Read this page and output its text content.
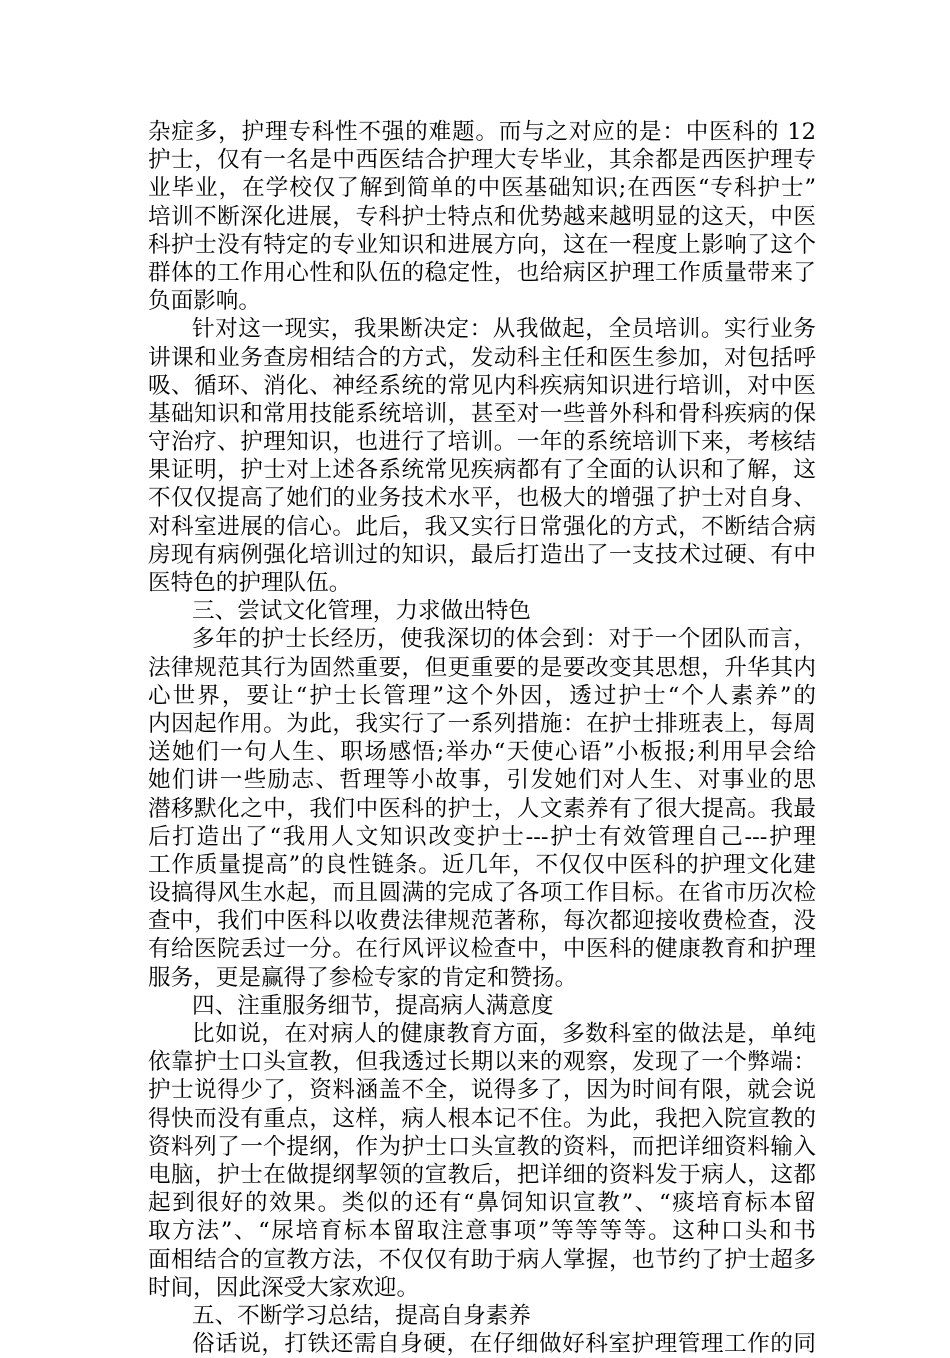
杂症多，护理专科性不强的难题。而与之对应的是：中医科的 12
护士，仅有一名是中西医结合护理大专毕业，其余都是西医护理专
业毕业，在学校仅了解到简单的中医基础知识;在西医“专科护士”
培训不断深化进展，专科护士特点和优势越来越明显的这天，中医
科护士没有特定的专业知识和进展方向，这在一程度上影响了这个
群体的工作用心性和队伍的稳定性，也给病区护理工作质量带来了
负面影响。
针对这一现实，我果断决定：从我做起，全员培训。实行业务
讲课和业务查房相结合的方式，发动科主任和医生参加，对包括呼
吸、循环、消化、神经系统的常见内科疾病知识进行培训，对中医
基础知识和常用技能系统培训，甚至对一些普外科和骨科疾病的保
守治疗、护理知识，也进行了培训。一年的系统培训下来，考核结
果证明，护士对上述各系统常见疾病都有了全面的认识和了解，这
不仅仅提高了她们的业务技术水平，也极大的增强了护士对自身、
对科室进展的信心。此后，我又实行日常强化的方式，不断结合病
房现有病例强化培训过的知识，最后打造出了一支技术过硬、有中
医特色的护理队伍。
三、尝试文化管理，力求做出特色
多年的护士长经历，使我深切的体会到：对于一个团队而言，
法律规范其行为固然重要，但更重要的是要改变其思想，升华其内
心世界，要让“护士长管理”这个外因，透过护士“个人素养”的
内因起作用。为此，我实行了一系列措施：在护士排班表上，每周
送她们一句人生、职场感悟;举办“天使心语”小板报;利用早会给
她们讲一些励志、哲理等小故事，引发她们对人生、对事业的思
潜移默化之中，我们中医科的护士，人文素养有了很大提高。我最
后打造出了“我用人文知识改变护士---护士有效管理自己---护理
工作质量提高”的良性链条。近几年，不仅仅中医科的护理文化建
设搞得风生水起，而且圆满的完成了各项工作目标。在省市历次检
查中，我们中医科以收费法律规范著称，每次都迎接收费检查，没
有给医院丢过一分。在行风评议检查中，中医科的健康教育和护理
服务，更是赢得了参检专家的肯定和赞扬。
四、注重服务细节，提高病人满意度
比如说，在对病人的健康教育方面，多数科室的做法是，单纯
依靠护士口头宣教，但我透过长期以来的观察，发现了一个弊端：
护士说得少了，资料涵盖不全，说得多了，因为时间有限，就会说
得快而没有重点，这样，病人根本记不住。为此，我把入院宣教的
资料列了一个提纲，作为护士口头宣教的资料，而把详细资料输入
电脑，护士在做提纲挈领的宣教后，把详细的资料发于病人，这都
起到很好的效果。类似的还有“鼻饲知识宣教”、“痰培育标本留
取方法”、“尿培育标本留取注意事项”等等等等。这种口头和书
面相结合的宣教方法，不仅仅有助于病人掌握，也节约了护士超多
时间，因此深受大家欢迎。
五、不断学习总结，提高自身素养
俗话说，打铁还需自身硬，在仔细做好科室护理管理工作的同
